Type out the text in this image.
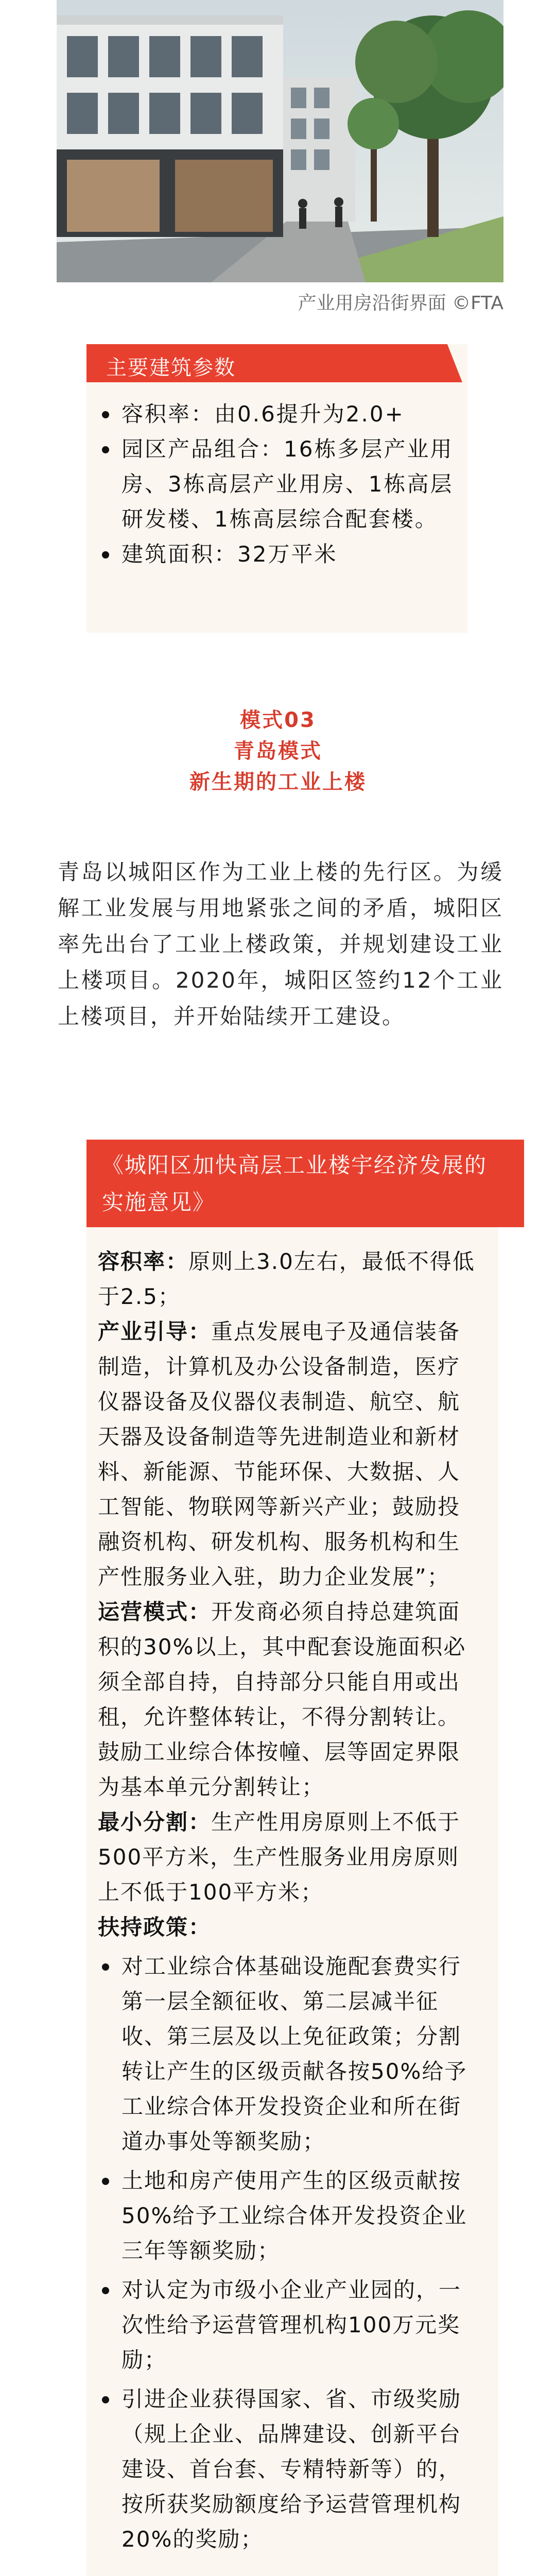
产业用房沿街界面 ©FTA
主要建筑参数
容积率：由0.6提升为2.0+
园区产品组合：16栋多层产业用房、3栋高层产业用房、1栋高层研发楼、1栋高层综合配套楼。
建筑面积：32万平米
模式03
青岛模式
新生期的工业上楼
青岛以城阳区作为工业上楼的先行区。为缓解工业发展与用地紧张之间的矛盾，城阳区率先出台了工业上楼政策，并规划建设工业上楼项目。2020年，城阳区签约12个工业上楼项目，并开始陆续开工建设。
《城阳区加快高层工业楼宇经济发展的实施意见》

容积率：原则上3.0左右，最低不得低于2.5；

产业引导：重点发展电子及通信装备制造，计算机及办公设备制造，医疗仪器设备及仪器仪表制造、航空、航天器及设备制造等先进制造业和新材料、新能源、节能环保、大数据、人工智能、物联网等新兴产业；鼓励投融资机构、研发机构、服务机构和生产性服务业入驻，助力企业发展”；

运营模式：开发商必须自持总建筑面积的30%以上，其中配套设施面积必须全部自持，自持部分只能自用或出租，允许整体转让，不得分割转让。鼓励工业综合体按幢、层等固定界限为基本单元分割转让；

最小分割：生产性用房原则上不低于500平方米，生产性服务业用房原则上不低于100平方米；

扶持政策：

对工业综合体基础设施配套费实行第一层全额征收、第二层减半征收、第三层及以上免征政策；分割转让产生的区级贡献各按50%给予工业综合体开发投资企业和所在街道办事处等额奖励；
土地和房产使用产生的区级贡献按50%给予工业综合体开发投资企业三年等额奖励；
对认定为市级小企业产业园的，一次性给予运营管理机构100万元奖励；
引进企业获得国家、省、市级奖励（规上企业、品牌建设、创新平台建设、首台套、专精特新等）的，按所获奖励额度给予运营管理机构20%的奖励；
